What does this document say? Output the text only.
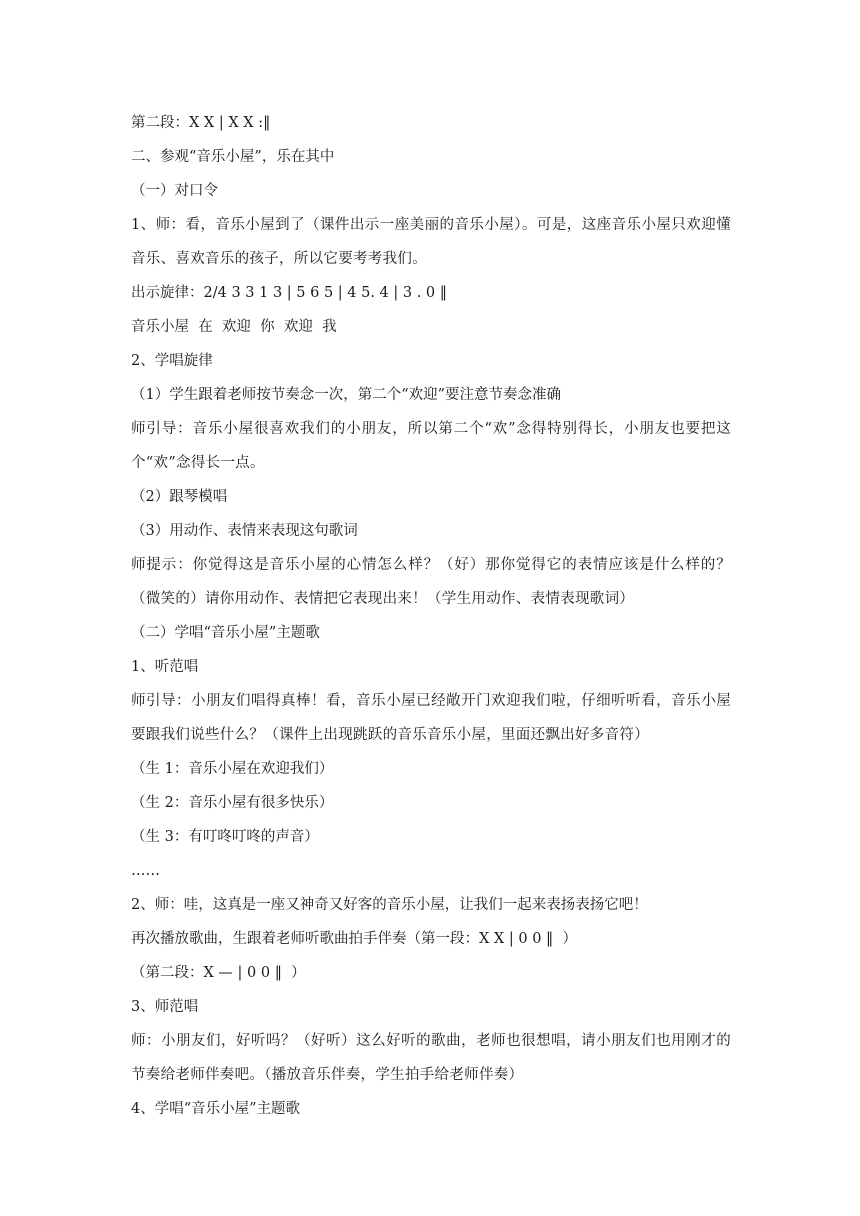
第二段：X X | X X :‖
二、参观“音乐小屋”，乐在其中
（一）对口令
1、师：看，音乐小屋到了（课件出示一座美丽的音乐小屋）。可是，这座音乐小屋只欢迎懂音乐、喜欢音乐的孩子，所以它要考考我们。
出示旋律：2/4 3 3 1 3 | 5 6 5 | 4 5. 4 | 3 . 0 ‖
音乐小屋  在  欢迎  你  欢迎  我
2、学唱旋律
（1）学生跟着老师按节奏念一次，第二个“欢迎”要注意节奏念准确
师引导：音乐小屋很喜欢我们的小朋友，所以第二个“欢”念得特别得长，小朋友也要把这个“欢”念得长一点。
（2）跟琴模唱
（3）用动作、表情来表现这句歌词
师提示：你觉得这是音乐小屋的心情怎么样？（好）那你觉得它的表情应该是什么样的？（微笑的）请你用动作、表情把它表现出来！（学生用动作、表情表现歌词）
（二）学唱“音乐小屋”主题歌
1、听范唱
师引导：小朋友们唱得真棒！看，音乐小屋已经敞开门欢迎我们啦，仔细听听看，音乐小屋要跟我们说些什么？（课件上出现跳跃的音乐音乐小屋，里面还飘出好多音符）
（生 1：音乐小屋在欢迎我们）
（生 2：音乐小屋有很多快乐）
（生 3：有叮咚叮咚的声音）
……
2、师：哇，这真是一座又神奇又好客的音乐小屋，让我们一起来表扬表扬它吧！
再次播放歌曲，生跟着老师听歌曲拍手伴奏（第一段：X X | 0 0 ‖  ）
（第二段：X — | 0 0 ‖  ）
3、师范唱
师：小朋友们，好听吗？（好听）这么好听的歌曲，老师也很想唱，请小朋友们也用刚才的节奏给老师伴奏吧。（播放音乐伴奏，学生拍手给老师伴奏）
4、学唱“音乐小屋”主题歌
